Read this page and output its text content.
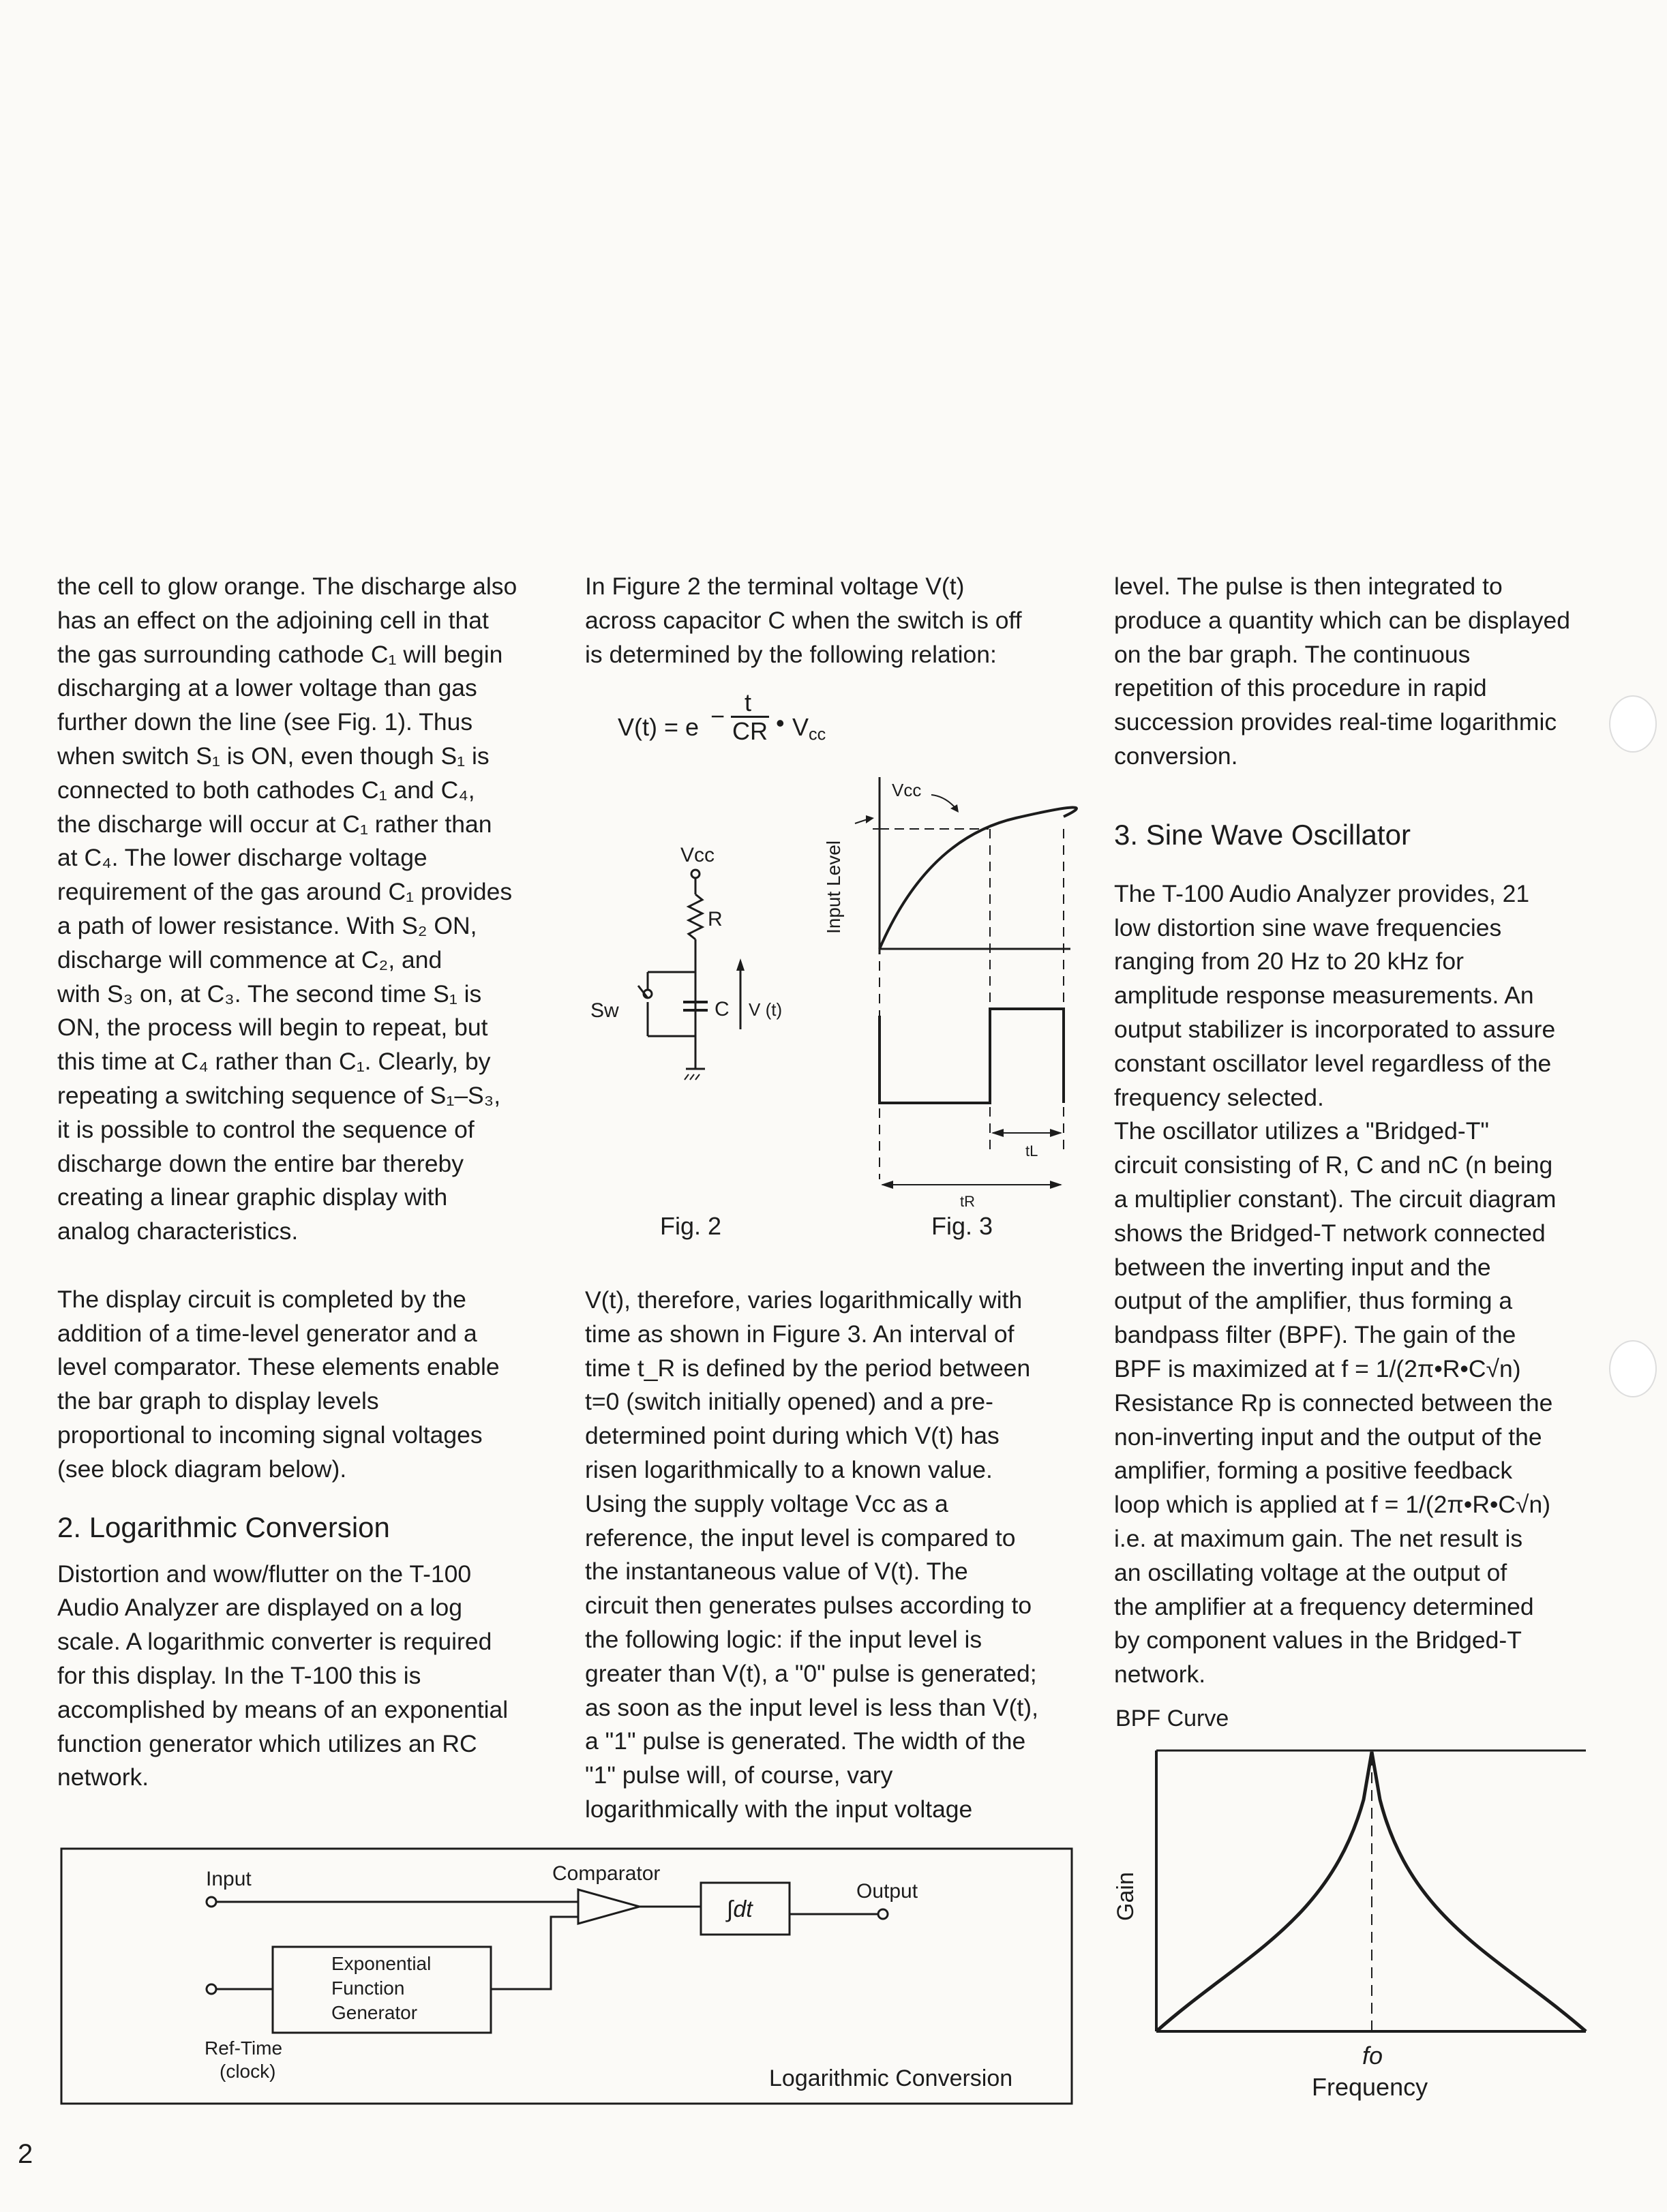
2

the cell to glow orange. The discharge also

has an effect on the adjoining cell in that

the gas surrounding cathode C₁ will begin

discharging at a lower voltage than gas

further down the line (see Fig. 1). Thus

when switch S₁ is ON, even though S₁ is

connected to both cathodes C₁ and C₄,

the discharge will occur at C₁ rather than

at C₄. The lower discharge voltage

requirement of the gas around C₁ provides

a path of lower resistance. With S₂ ON,

discharge will commence at C₂, and

with S₃ on, at C₃. The second time S₁ is

ON, the process will begin to repeat, but

this time at C₄ rather than C₁. Clearly, by

repeating a switching sequence of S₁–S₃,

it is possible to control the sequence of

discharge down the entire bar thereby

creating a linear graphic display with

analog characteristics.

The display circuit is completed by the

addition of a time-level generator and a

level comparator. These elements enable

the bar graph to display levels

proportional to incoming signal voltages

(see block diagram below).

2. Logarithmic Conversion

Distortion and wow/flutter on the T-100

Audio Analyzer are displayed on a log

scale. A logarithmic converter is required

for this display. In the T-100 this is

accomplished by means of an exponential

function generator which utilizes an RC

network.

In Figure 2 the terminal voltage V(t)

across capacitor C when the switch is off

is determined by the following relation:

V(t) = e − t
CR • $V_{cc}$
Vcc
R
Sw	C V (t)
Fig. 2
Input Level
Vcc
tL
tR
Fig. 3

V(t), therefore, varies logarithmically with

time as shown in Figure 3. An interval of

time t_R is defined by the period between

t=0 (switch initially opened) and a pre-

determined point during which V(t) has

risen logarithmically to a known value.

Using the supply voltage Vcc as a

reference, the input level is compared to

the instantaneous value of V(t). The

circuit then generates pulses according to

the following logic: if the input level is

greater than V(t), a "0" pulse is generated;

as soon as the input level is less than V(t),

a "1" pulse is generated. The width of the

"1" pulse will, of course, vary

logarithmically with the input voltage

level. The pulse is then integrated to

produce a quantity which can be displayed

on the bar graph. The continuous

repetition of this procedure in rapid

succession provides real-time logarithmic

conversion.

3. Sine Wave Oscillator

The T-100 Audio Analyzer provides, 21

low distortion sine wave frequencies

ranging from 20 Hz to 20 kHz for

amplitude response measurements. An

output stabilizer is incorporated to assure

constant oscillator level regardless of the

frequency selected.

The oscillator utilizes a "Bridged-T"

circuit consisting of R, C and nC (n being

a multiplier constant). The circuit diagram

shows the Bridged-T network connected

between the inverting input and the

output of the amplifier, thus forming a

bandpass filter (BPF). The gain of the

BPF is maximized at f = 1/(2π•R•C√n)

Resistance Rp is connected between the

non-inverting input and the output of the

amplifier, forming a positive feedback

loop which is applied at f = 1/(2π•R•C√n)

i.e. at maximum gain. The net result is

an oscillating voltage at the output of

the amplifier at a frequency determined

by component values in the Bridged-T

network.

BPF Curve
Gain
fo
Frequency
Input	Comparator
∫dt
Output
Exponential
Function
Generator
Ref-Time
(clock)	Logarithmic Conversion
